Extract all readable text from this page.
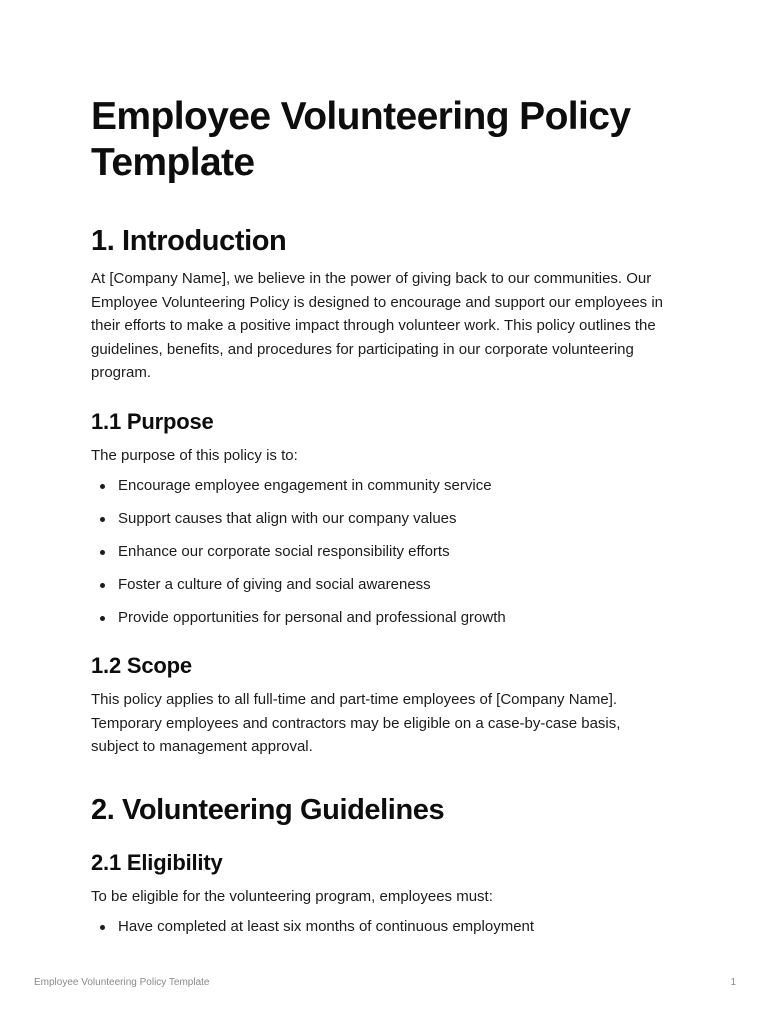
Employee Volunteering Policy Template
1. Introduction

At [Company Name], we believe in the power of giving back to our communities. Our Employee Volunteering Policy is designed to encourage and support our employees in their efforts to make a positive impact through volunteer work. This policy outlines the guidelines, benefits, and procedures for participating in our corporate volunteering program.

1.1 Purpose

The purpose of this policy is to:

Encourage employee engagement in community service
Support causes that align with our company values
Enhance our corporate social responsibility efforts
Foster a culture of giving and social awareness
Provide opportunities for personal and professional growth
1.2 Scope

This policy applies to all full-time and part-time employees of [Company Name]. Temporary employees and contractors may be eligible on a case-by-case basis, subject to management approval.

2. Volunteering Guidelines
2.1 Eligibility

To be eligible for the volunteering program, employees must:

Have completed at least six months of continuous employment
Employee Volunteering Policy Template	1
